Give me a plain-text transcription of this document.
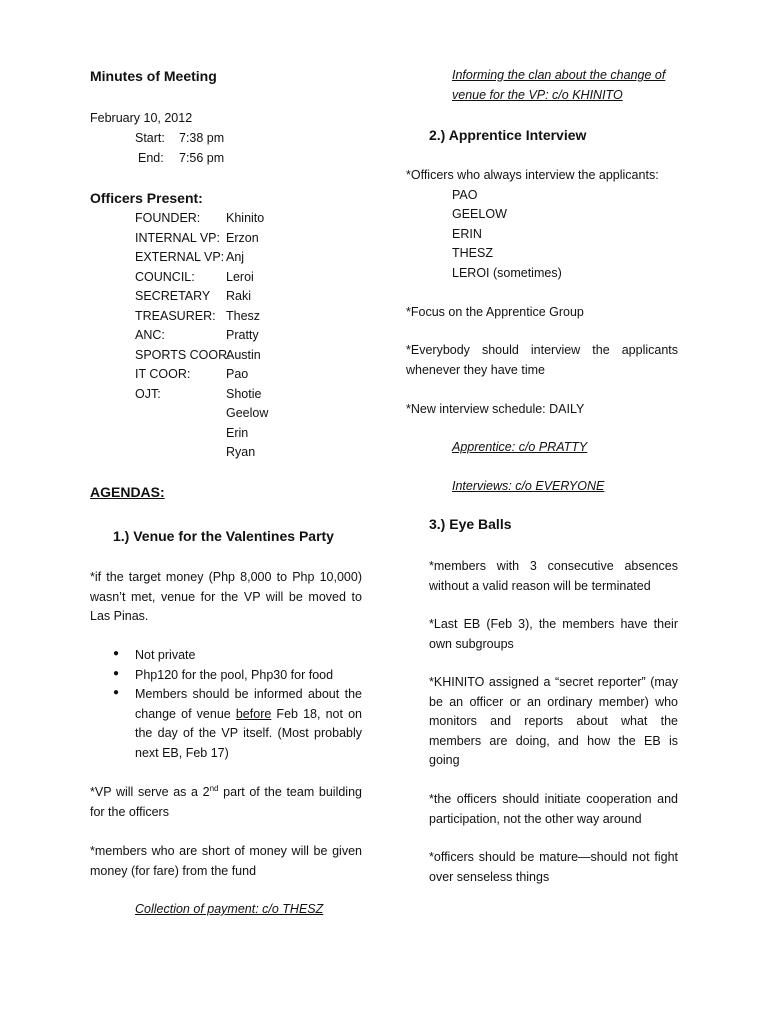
Minutes of Meeting
February 10, 2012
Start: 7:38 pm
End: 7:56 pm
Officers Present:
FOUNDER: Khinito
INTERNAL VP: Erzon
EXTERNAL VP: Anj
COUNCIL:	Leroi
SECRETARY Raki
TREASURER: Thesz
ANC:	Pratty
SPORTS COOR:
Austin
IT COOR:	Pao
OJT:	Shotie
Geelow
Erin
Ryan
AGENDAS:
1.) Venue for the Valentines Party
*if the target money (Php 8,000 to Php 10,000) wasn’t met, venue for the VP will be moved to Las Pinas.
● Not private
● Php120 for the pool, Php30 for food
● Members should be informed about the change of venue before Feb 18, not on the day of the VP itself. (Most probably next EB, Feb 17)
*VP will serve as a 2nd part of the team building for the officers
*members who are short of money will be given money (for fare) from the fund
Collection of payment: c/o THESZ
Informing the clan about the change of venue for the VP: c/o KHINITO
2.) Apprentice Interview
*Officers who always interview the applicants:
PAO
GEELOW
ERIN
THESZ
LEROI (sometimes)
*Focus on the Apprentice Group
*Everybody should interview the applicants whenever they have time
*New interview schedule: DAILY
Apprentice: c/o PRATTY
Interviews: c/o EVERYONE
3.) Eye Balls
*members with 3 consecutive absences without a valid reason will be terminated
*Last EB (Feb 3), the members have their own subgroups
*KHINITO assigned a “secret reporter” (may be an officer or an ordinary member) who monitors and reports about what the members are doing, and how the EB is going
*the officers should initiate cooperation and participation, not the other way around
*officers should be mature—should not fight over senseless things
